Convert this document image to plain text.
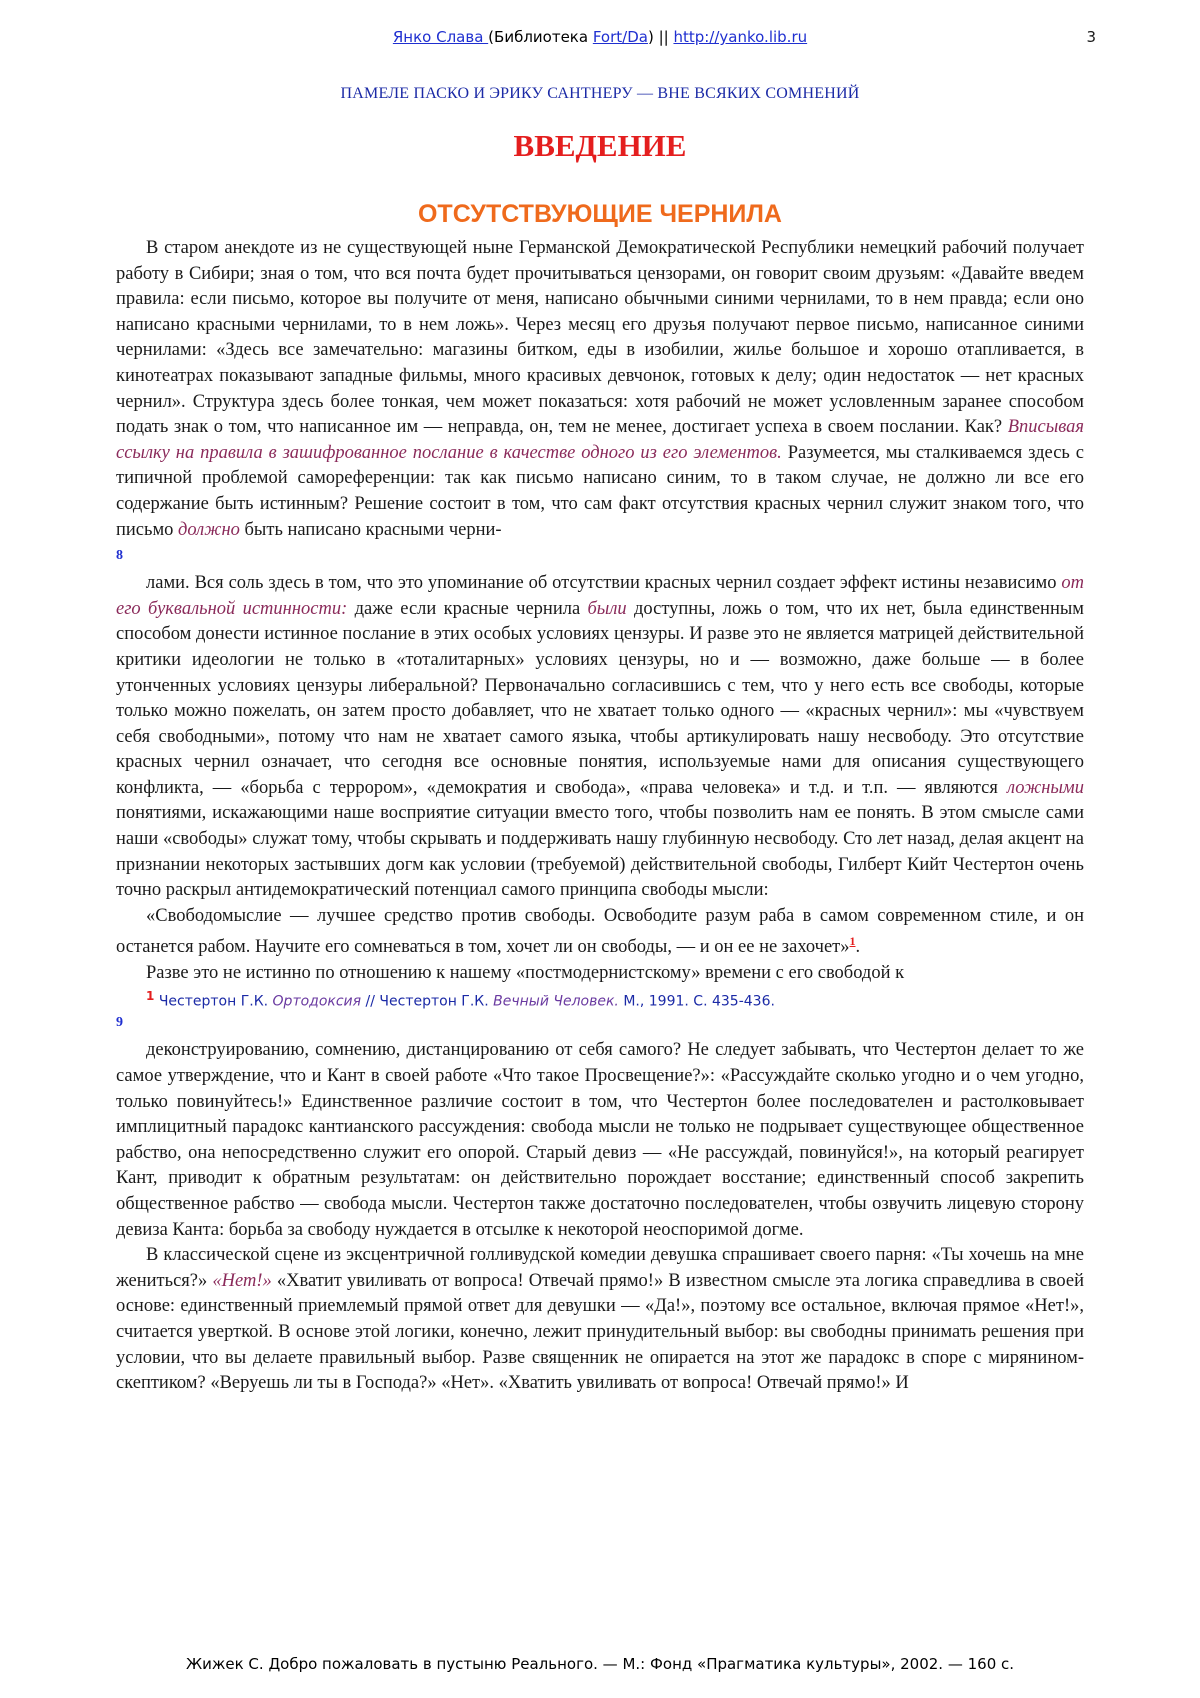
Янко Слава (Библиотека Fort/Da) || http://yanko.lib.ru	3
ПАМЕЛЕ ПАСКО И ЭРИКУ САНТНЕРУ — ВНЕ ВСЯКИХ СОМНЕНИЙ
ВВЕДЕНИЕ
ОТСУТСТВУЮЩИЕ ЧЕРНИЛА

В старом анекдоте из не существующей ныне Германской Демократической Республики немецкий рабочий получает работу в Сибири; зная о том, что вся почта будет прочитываться цензорами, он говорит своим друзьям: «Давайте введем правила: если письмо, которое вы получите от меня, написано обычными синими чернилами, то в нем правда; если оно написано красными чернилами, то в нем ложь». Через месяц его друзья получают первое письмо, написанное синими чернилами: «Здесь все замечательно: магазины битком, еды в изобилии, жилье большое и хорошо отапливается, в кинотеатрах показывают западные фильмы, много красивых девчонок, готовых к делу; один недостаток — нет красных чернил». Структура здесь более тонкая, чем может показаться: хотя рабочий не может условленным заранее способом подать знак о том, что написанное им — неправда, он, тем не менее, достигает успеха в своем послании. Как? Вписывая ссылку на правила в зашифрованное послание в качестве одного из его элементов. Разумеется, мы сталкиваемся здесь с типичной проблемой самореференции: так как письмо написано синим, то в таком случае, не должно ли все его содержание быть истинным? Решение состоит в том, что сам факт отсутствия красных чернил служит знаком того, что письмо должно быть написано красными черни-

8

лами. Вся соль здесь в том, что это упоминание об отсутствии красных чернил создает эффект истины независимо от его буквальной истинности: даже если красные чернила были доступны, ложь о том, что их нет, была единственным способом донести истинное послание в этих особых условиях цензуры. И разве это не является матрицей действительной критики идеологии не только в «тоталитарных» условиях цензуры, но и — возможно, даже больше — в более утонченных условиях цензуры либеральной? Первоначально согласившись с тем, что у него есть все свободы, которые только можно пожелать, он затем просто добавляет, что не хватает только одного — «красных чернил»: мы «чувствуем себя свободными», потому что нам не хватает самого языка, чтобы артикулировать нашу несвободу. Это отсутствие красных чернил означает, что сегодня все основные понятия, используемые нами для описания существующего конфликта, — «борьба с террором», «демократия и свобода», «права человека» и т.д. и т.п. — являются ложными понятиями, искажающими наше восприятие ситуации вместо того, чтобы позволить нам ее понять. В этом смысле сами наши «свободы» служат тому, чтобы скрывать и поддерживать нашу глубинную несвободу. Сто лет назад, делая акцент на признании некоторых застывших догм как условии (требуемой) действительной свободы, Гилберт Кийт Честертон очень точно раскрыл антидемократический потенциал самого принципа свободы мысли:

«Свободомыслие — лучшее средство против свободы. Освободите разум раба в самом современном стиле, и он останется рабом. Научите его сомневаться в том, хочет ли он свободы, — и он ее не захочет»$^1$.

Разве это не истинно по отношению к нашему «постмодернистскому» времени с его свободой к

1 Честертон Г.К. Ортодоксия // Честертон Г.К. Вечный Человек. М., 1991. С. 435-436.
9

деконструированию, сомнению, дистанцированию от себя самого? Не следует забывать, что Честертон делает то же самое утверждение, что и Кант в своей работе «Что такое Просвещение?»: «Рассуждайте сколько угодно и о чем угодно, только повинуйтесь!» Единственное различие состоит в том, что Честертон более последователен и растолковывает имплицитный парадокс кантианского рассуждения: свобода мысли не только не подрывает существующее общественное рабство, она непосредственно служит его опорой. Старый девиз — «Не рассуждай, повинуйся!», на который реагирует Кант, приводит к обратным результатам: он действительно порождает восстание; единственный способ закрепить общественное рабство — свобода мысли. Честертон также достаточно последователен, чтобы озвучить лицевую сторону девиза Канта: борьба за свободу нуждается в отсылке к некоторой неоспоримой догме.

В классической сцене из эксцентричной голливудской комедии девушка спрашивает своего парня: «Ты хочешь на мне жениться?» «Нет!» «Хватит увиливать от вопроса! Отвечай прямо!» В известном смысле эта логика справедлива в своей основе: единственный приемлемый прямой ответ для девушки — «Да!», поэтому все остальное, включая прямое «Нет!», считается уверткой. В основе этой логики, конечно, лежит принудительный выбор: вы свободны принимать решения при условии, что вы делаете правильный выбор. Разве священник не опирается на этот же парадокс в споре с мирянином-скептиком? «Веруешь ли ты в Господа?» «Нет». «Хватить увиливать от вопроса! Отвечай прямо!» И

Жижек С. Добро пожаловать в пустыню Реального. — М.: Фонд «Прагматика культуры», 2002. — 160 с.
